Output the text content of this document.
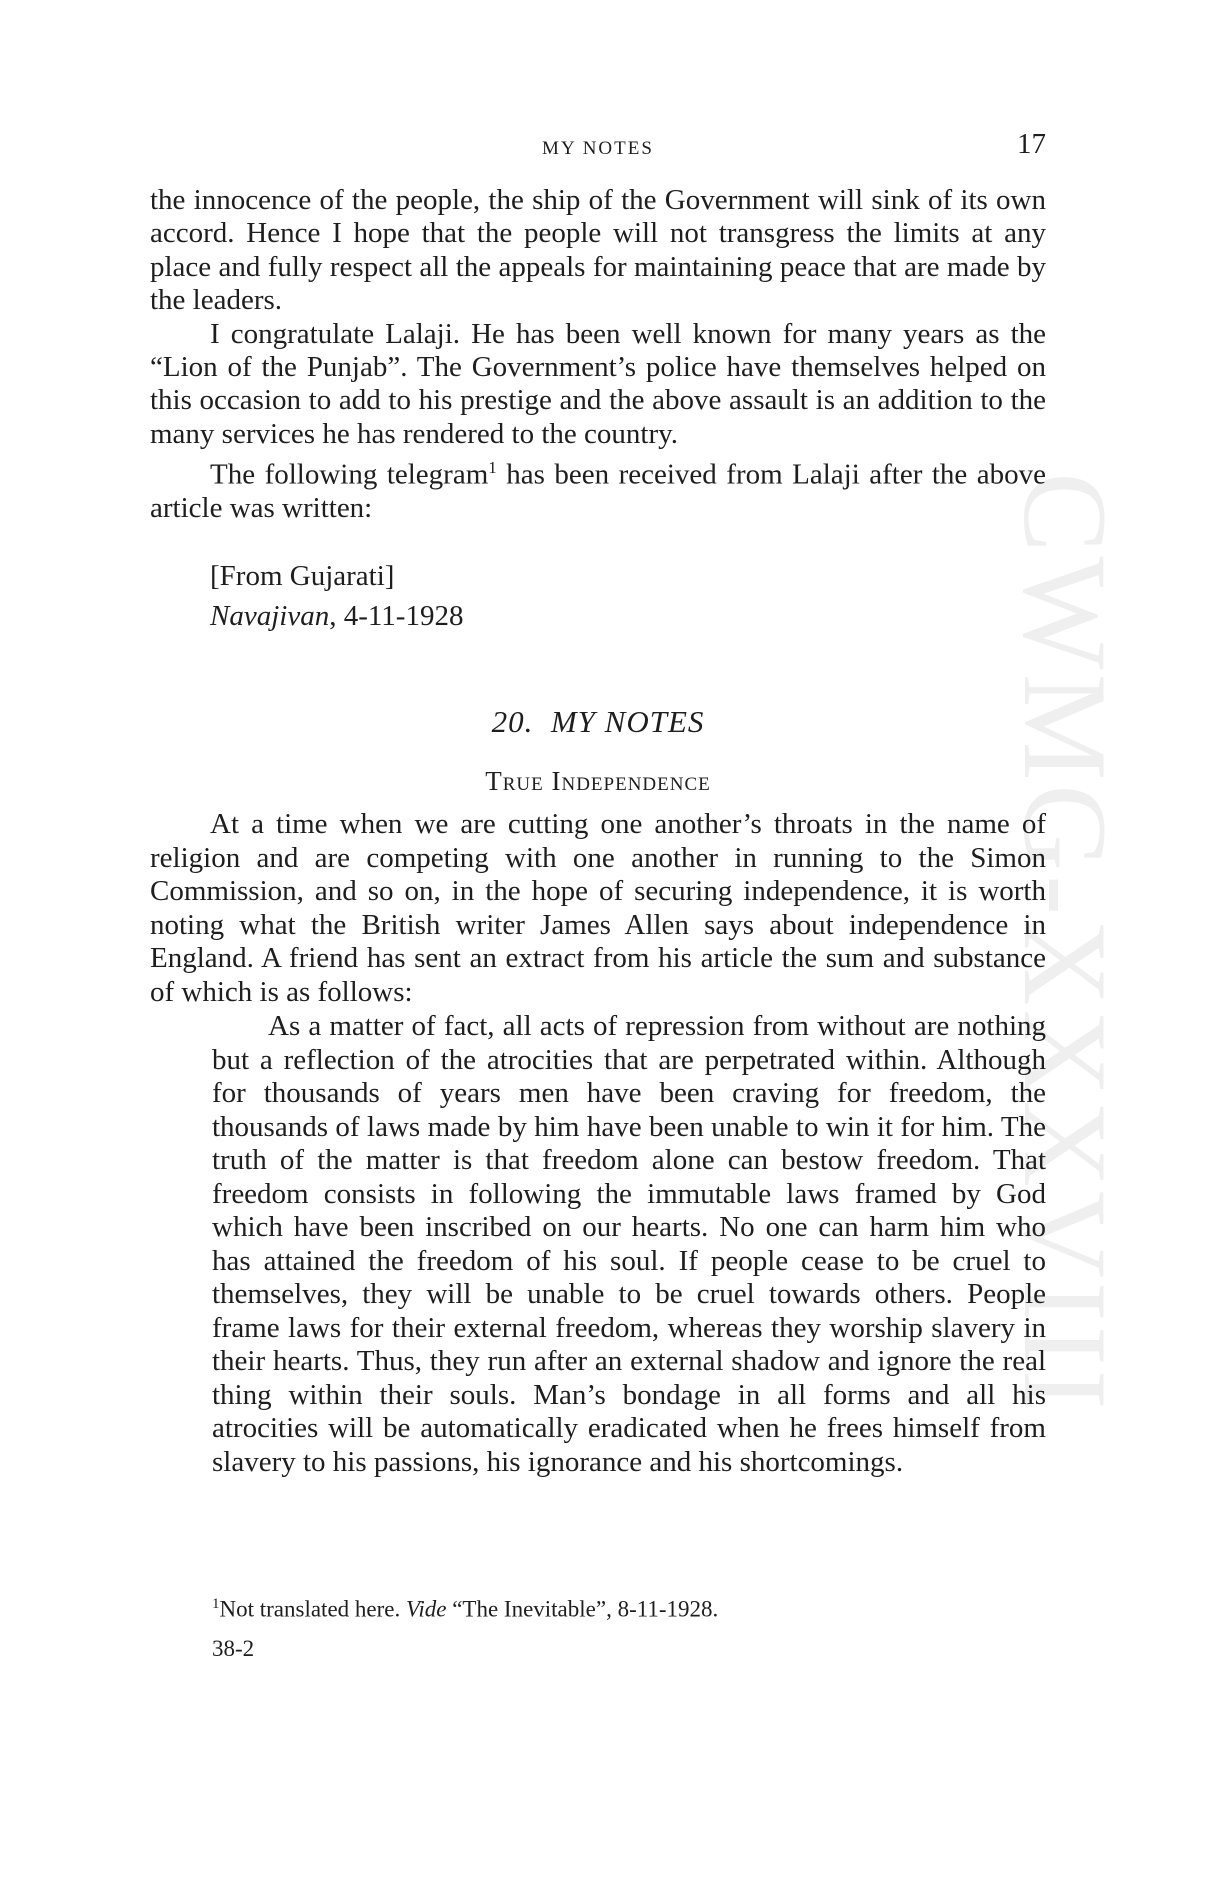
CWMG-XXXVIII
MY NOTES	17

the innocence of the people, the ship of the Government will sink of its own accord. Hence I hope that the people will not transgress the limits at any place and fully respect all the appeals for maintaining peace that are made by the leaders.

I congratulate Lalaji. He has been well known for many years as the “Lion of the Punjab”. The Government’s police have themselves helped on this occasion to add to his prestige and the above assault is an addition to the many services he has rendered to the country.

The following telegram$^1$ has been received from Lalaji after the above article was written:

[From Gujarati]
Navajivan, 4-11-1928
20. MY NOTES
True Independence

At a time when we are cutting one another’s throats in the name of religion and are competing with one another in running to the Simon Commission, and so on, in the hope of securing independence, it is worth noting what the British writer James Allen says about independence in England. A friend has sent an extract from his article the sum and substance of which is as follows:

As a matter of fact, all acts of repression from without are nothing but a reflection of the atrocities that are perpetrated within. Although for thousands of years men have been craving for freedom, the thousands of laws made by him have been unable to win it for him. The truth of the matter is that freedom alone can bestow freedom. That freedom consists in following the immutable laws framed by God which have been inscribed on our hearts. No one can harm him who has attained the freedom of his soul. If people cease to be cruel to themselves, they will be unable to be cruel towards others. People frame laws for their external freedom, whereas they worship slavery in their hearts. Thus, they run after an external shadow and ignore the real thing within their souls. Man’s bondage in all forms and all his atrocities will be automatically eradicated when he frees himself from slavery to his passions, his ignorance and his shortcomings.
$^1$Not translated here. Vide “The Inevitable”, 8-11-1928.
38-2
